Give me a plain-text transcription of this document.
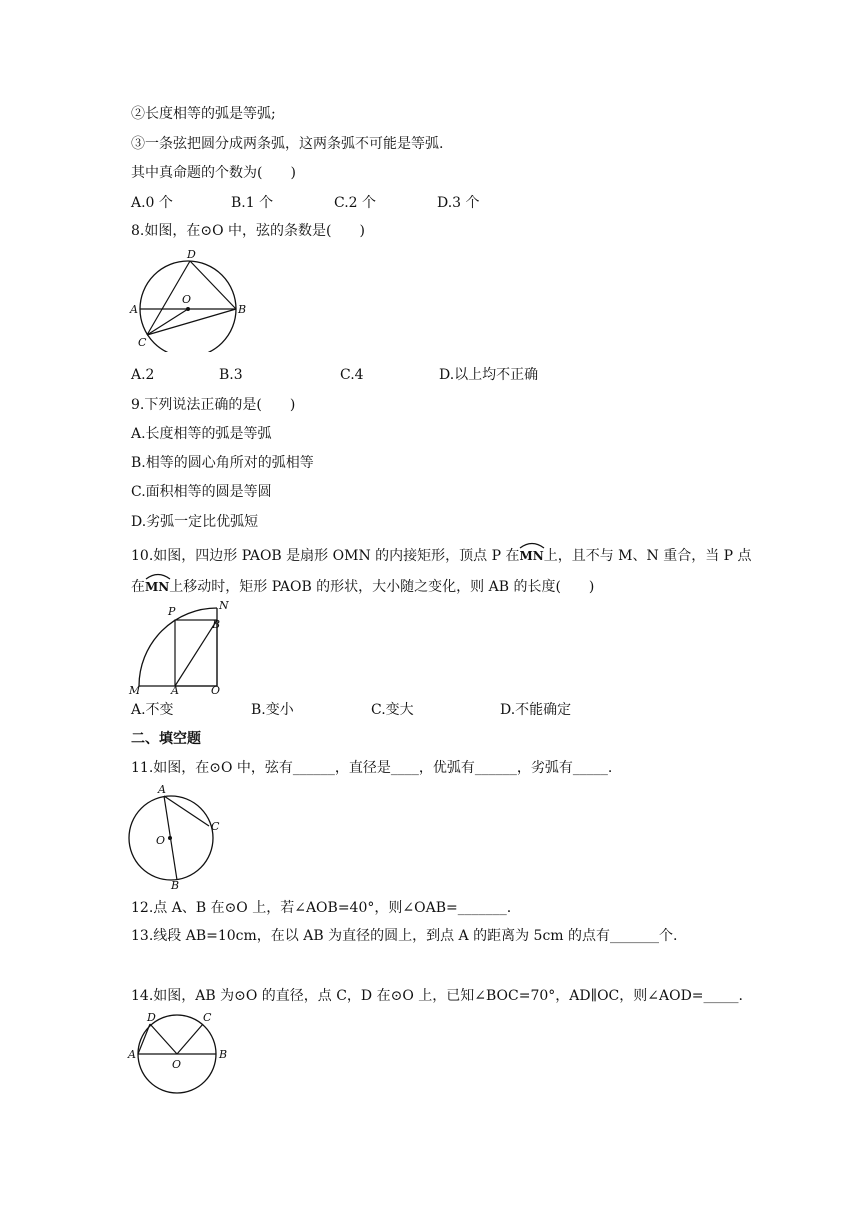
②长度相等的弧是等弧;
③一条弦把圆分成两条弧，这两条弧不可能是等弧.
其中真命题的个数为(　　)
A.0 个	B.1 个	C.2 个	D.3 个
8.如图，在⊙O 中，弦的条数是(　　)
D
O
A	B
C
A.2	B.3	C.4	D.以上均不正确
9.下列说法正确的是(　　)
A.长度相等的弧是等弧
B.相等的圆心角所对的弧相等
C.面积相等的圆是等圆
D.劣弧一定比优弧短
10.如图，四边形 PAOB 是扇形 OMN 的内接矩形，顶点 P 在
MN上，且不与 M、N 重合，当 P 点
在
MN上移动时，矩形 PAOB 的形状，大小随之变化，则 AB 的长度(　　)
P	N
B
M	A	O
A.不变	B.变小	C.变大	D.不能确定
二、填空题
11.如图，在⊙O 中，弦有______，直径是____，优弧有______，劣弧有_____.
A
C
O
B
12.点 A、B 在⊙O 上，若∠AOB=40°，则∠OAB=_______.
13.线段 AB=10cm，在以 AB 为直径的圆上，到点 A 的距离为 5cm 的点有_______个.
14.如图，AB 为⊙O 的直径，点 C，D 在⊙O 上，已知∠BOC=70°，AD∥OC，则∠AOD=_____.
D	C
A	B
O
